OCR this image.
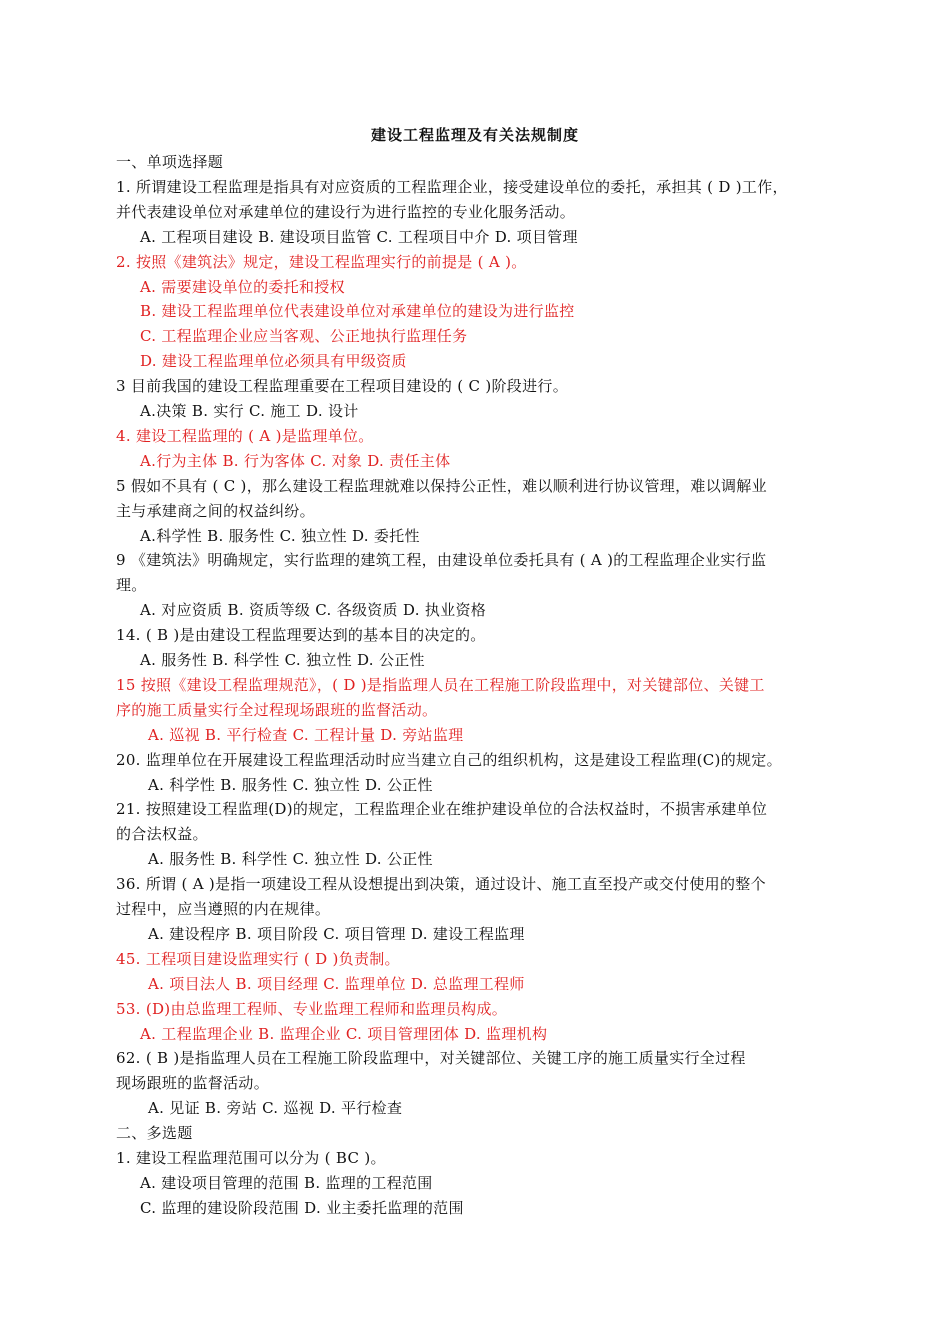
建设工程监理及有关法规制度
一、单项选择题
1. 所谓建设工程监理是指具有对应资质的工程监理企业，接受建设单位的委托，承担其 ( D )工作，
并代表建设单位对承建单位的建设行为进行监控的专业化服务活动。
A. 工程项目建设 B. 建设项目监管 C. 工程项目中介 D. 项目管理
2. 按照《建筑法》规定，建设工程监理实行的前提是 ( A )。
A. 需要建设单位的委托和授权
B. 建设工程监理单位代表建设单位对承建单位的建设为进行监控
C. 工程监理企业应当客观、公正地执行监理任务
D. 建设工程监理单位必须具有甲级资质
3 目前我国的建设工程监理重要在工程项目建设的 ( C )阶段进行。
A.决策 B. 实行 C. 施工 D. 设计
4. 建设工程监理的 ( A )是监理单位。
A.行为主体 B. 行为客体 C. 对象 D. 责任主体
5 假如不具有 ( C )，那么建设工程监理就难以保持公正性，难以顺利进行协议管理，难以调解业
主与承建商之间的权益纠纷。
A.科学性 B. 服务性 C. 独立性 D. 委托性
9 《建筑法》明确规定，实行监理的建筑工程，由建设单位委托具有 ( A )的工程监理企业实行监
理。
A. 对应资质 B. 资质等级 C. 各级资质 D. 执业资格
14. ( B )是由建设工程监理要达到的基本目的决定的。
A. 服务性 B. 科学性 C. 独立性 D. 公正性
15 按照《建设工程监理规范》，( D )是指监理人员在工程施工阶段监理中，对关键部位、关键工
序的施工质量实行全过程现场跟班的监督活动。
A. 巡视 B. 平行检查 C. 工程计量 D. 旁站监理
20. 监理单位在开展建设工程监理活动时应当建立自己的组织机构，这是建设工程监理(C)的规定。
A. 科学性 B. 服务性 C. 独立性 D. 公正性
21. 按照建设工程监理(D)的规定，工程监理企业在维护建设单位的合法权益时，不损害承建单位
的合法权益。
A. 服务性 B. 科学性 C. 独立性 D. 公正性
36. 所谓 ( A )是指一项建设工程从设想提出到决策，通过设计、施工直至投产或交付使用的整个
过程中，应当遵照的内在规律。
A. 建设程序 B. 项目阶段 C. 项目管理 D. 建设工程监理
45. 工程项目建设监理实行 ( D )负责制。
A. 项目法人 B. 项目经理 C. 监理单位 D. 总监理工程师
53. (D)由总监理工程师、专业监理工程师和监理员构成。
A. 工程监理企业 B. 监理企业 C. 项目管理团体 D. 监理机构
62. ( B )是指监理人员在工程施工阶段监理中，对关键部位、关键工序的施工质量实行全过程
现场跟班的监督活动。
A. 见证 B. 旁站 C. 巡视 D. 平行检查
二、多选题
1. 建设工程监理范围可以分为 ( BC )。
A. 建设项目管理的范围 B. 监理的工程范围
C. 监理的建设阶段范围 D. 业主委托监理的范围
